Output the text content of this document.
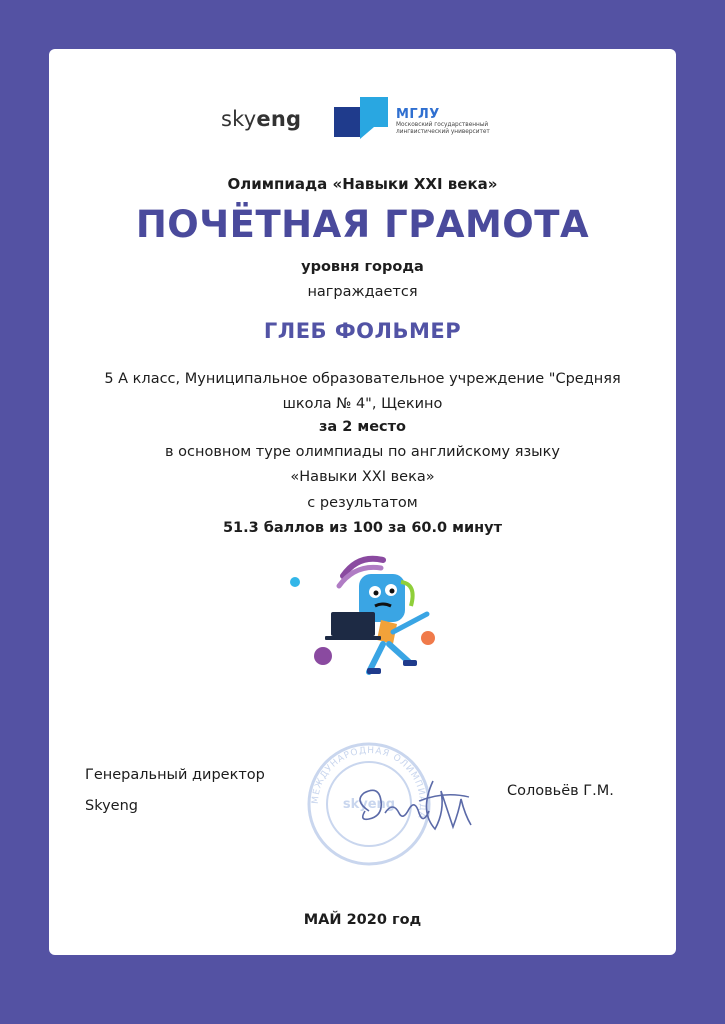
skyeng	МГЛУ
Московский государственный
лингвистический университет
Олимпиада «Навыки XXI века»
ПОЧЁТНАЯ ГРАМОТА
уровня города
награждается
ГЛЕБ ФОЛЬМЕР
5 А класс, Муниципальное образовательное учреждение "Средняя школа № 4", Щекино
за 2 место
в основном туре олимпиады по английскому языку
«Навыки XXI века»
с результатом
51.3 баллов из 100 за 60.0 минут
Генеральный директор
Skyeng	МЕЖДУНАРОДНАЯ ОЛИМПИАДА
skyeng
Соловьёв Г.М.
МАЙ 2020 год
